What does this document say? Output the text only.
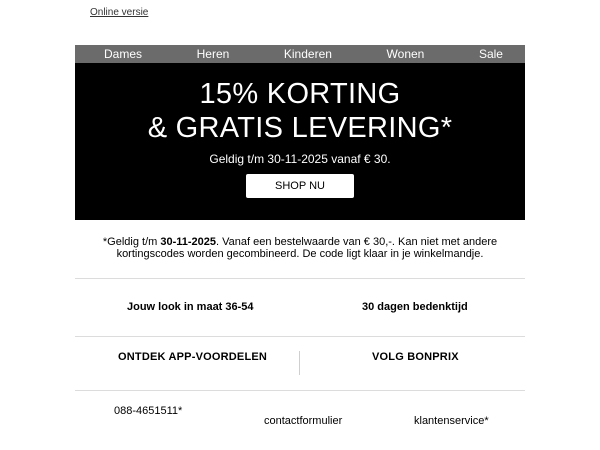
Online versie
Dames	Heren	Kinderen	Wonen	Sale
15% KORTING
& GRATIS LEVERING*
Geldig t/m 30-11-2025 vanaf € 30.
SHOP NU
*Geldig t/m 30-11-2025. Vanaf een bestelwaarde van € 30,-. Kan niet met andere kortingscodes worden gecombineerd. De code ligt klaar in je winkelmandje.
Jouw look in maat 36-54	30 dagen bedenktijd
ONTDEK APP-VOORDELEN	VOLG BONPRIX
088-4651511*
contactformulier	klantenservice*
